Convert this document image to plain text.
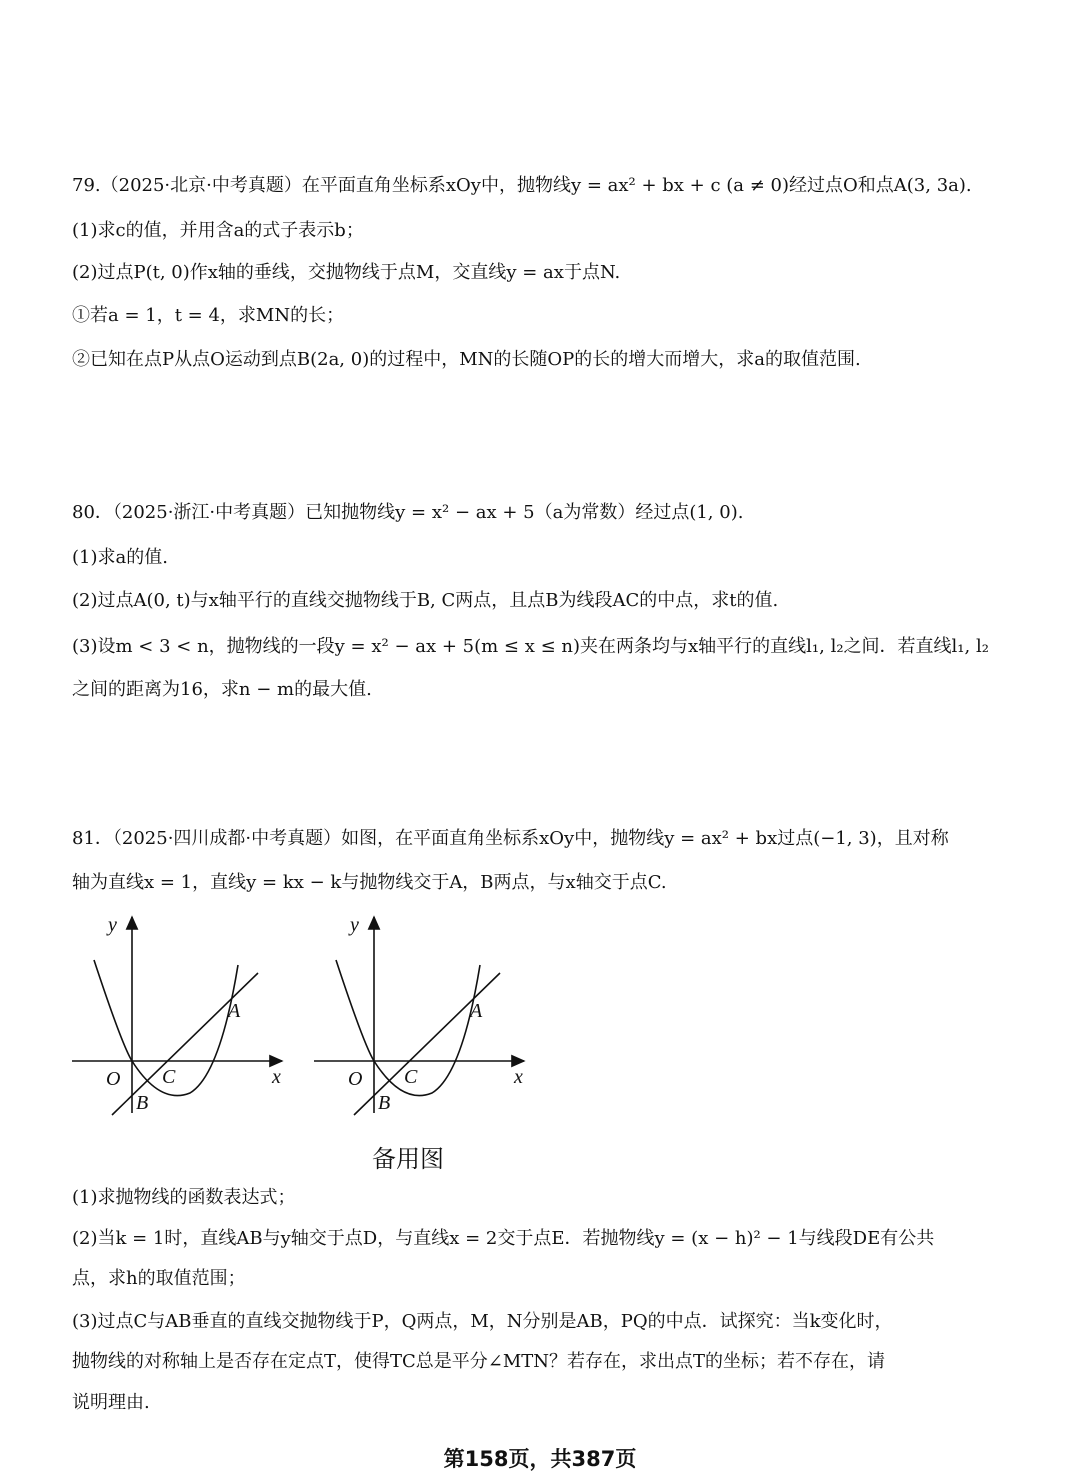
79.（2025·北京·中考真题）在平面直角坐标系xOy中，抛物线y = ax² + bx + c (a ≠ 0)经过点O和点A(3, 3a).
(1)求c的值，并用含a的式子表示b；
(2)过点P(t, 0)作x轴的垂线，交抛物线于点M，交直线y = ax于点N.
①若a = 1，t = 4，求MN的长；
②已知在点P从点O运动到点B(2a, 0)的过程中，MN的长随OP的长的增大而增大，求a的取值范围.
80．（2025·浙江·中考真题）已知抛物线y = x² − ax + 5（a为常数）经过点(1, 0).
(1)求a的值.
(2)过点A(0, t)与x轴平行的直线交抛物线于B, C两点，且点B为线段AC的中点，求t的值.
(3)设m < 3 < n，抛物线的一段y = x² − ax + 5(m ≤ x ≤ n)夹在两条均与x轴平行的直线l₁, l₂之间．若直线l₁, l₂
之间的距离为16，求n − m的最大值.
81．（2025·四川成都·中考真题）如图，在平面直角坐标系xOy中，抛物线y = ax² + bx过点(−1, 3)，且对称
轴为直线x = 1，直线y = kx − k与抛物线交于A，B两点，与x轴交于点C.
y
x
O
A
B
C
y
x
O
A
B
C
备用图
(1)求抛物线的函数表达式；
(2)当k = 1时，直线AB与y轴交于点D，与直线x = 2交于点E．若抛物线y = (x − h)² − 1与线段DE有公共
点，求h的取值范围；
(3)过点C与AB垂直的直线交抛物线于P，Q两点，M，N分别是AB，PQ的中点．试探究：当k变化时，
抛物线的对称轴上是否存在定点T，使得TC总是平分∠MTN？若存在，求出点T的坐标；若不存在，请
说明理由.
第158页，共387页
